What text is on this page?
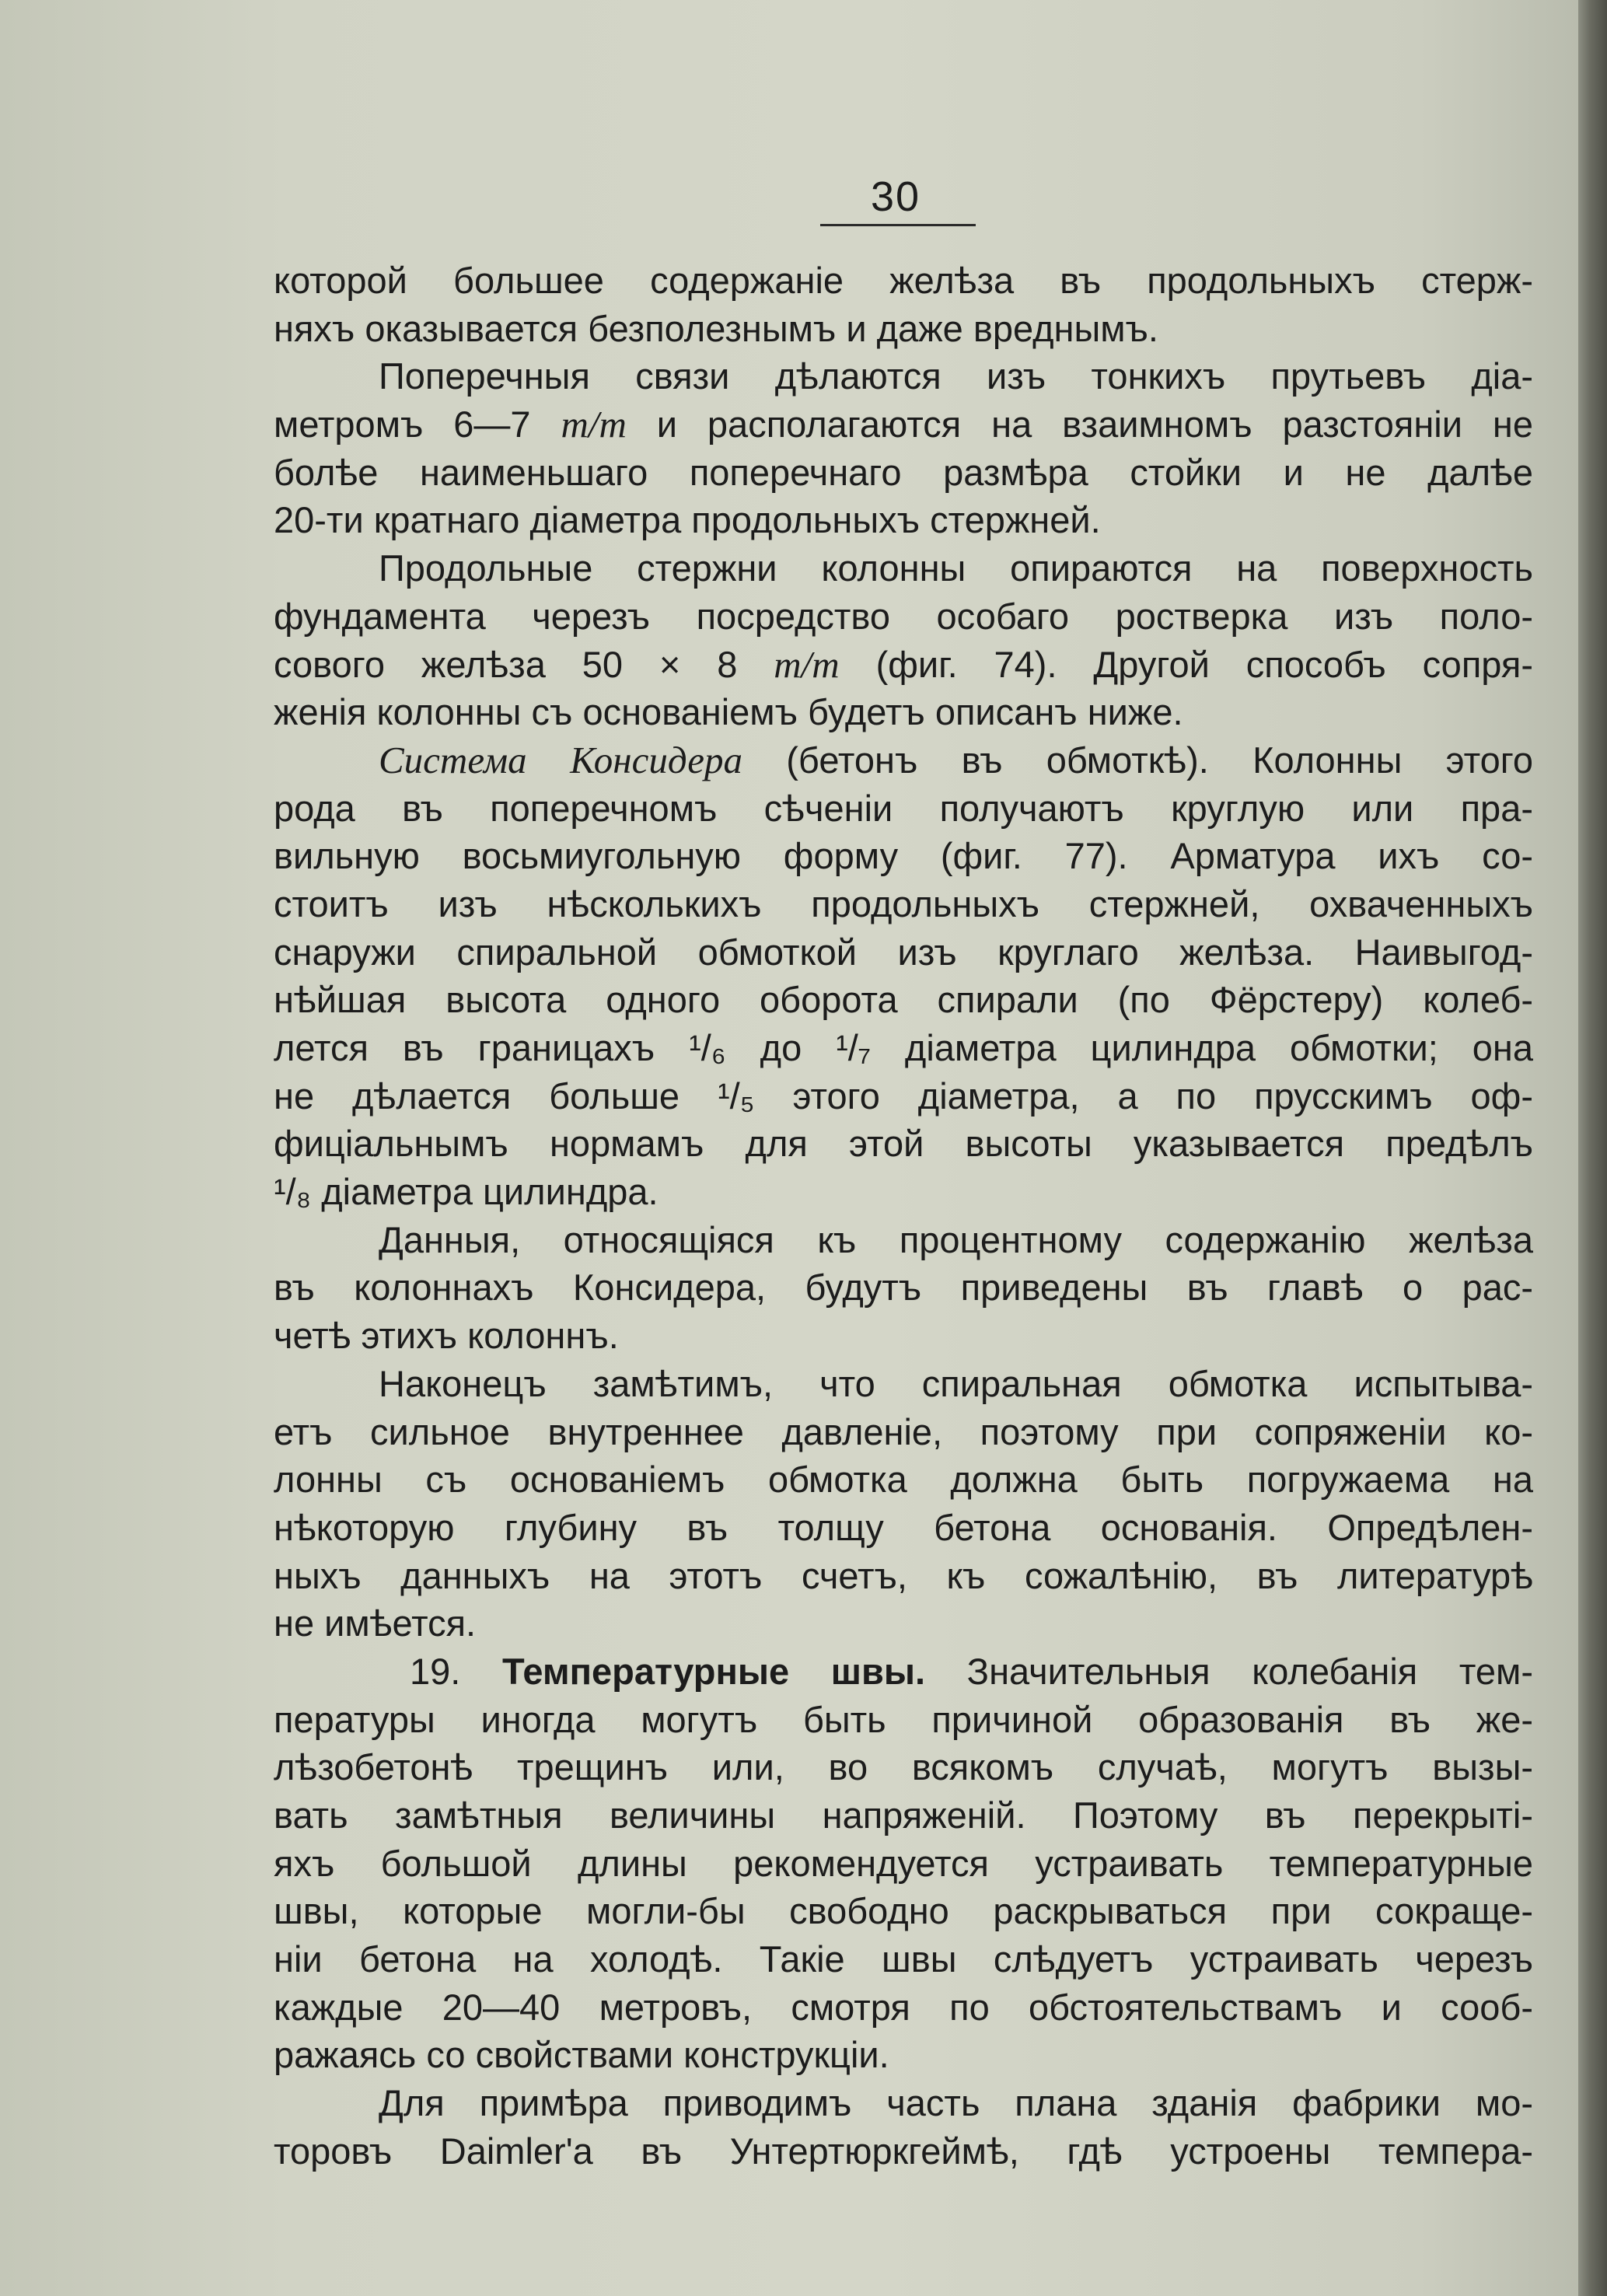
30
которой большее содержаніе желѣза въ продольныхъ стерж-
няхъ оказывается безполезнымъ и даже вреднымъ.
Поперечныя связи дѣлаются изъ тонкихъ прутьевъ діа-
метромъ 6—7 m/m и располагаются на взаимномъ разстояніи не
болѣе наименьшаго поперечнаго размѣра стойки и не далѣе
20-ти кратнаго діаметра продольныхъ стержней.
Продольные стержни колонны опираются на поверхность
фундамента черезъ посредство особаго ростверка изъ поло-
сового желѣза 50 × 8 m/m (фиг. 74). Другой способъ сопря-
женія колонны съ основаніемъ будетъ описанъ ниже.
Система Консидера (бетонъ въ обмоткѣ). Колонны этого
рода въ поперечномъ сѣченіи получаютъ круглую или пра-
вильную восьмиугольную форму (фиг. 77). Арматура ихъ со-
стоитъ изъ нѣсколькихъ продольныхъ стержней, охваченныхъ
снаружи спиральной обмоткой изъ круглаго желѣза. Наивыгод-
нѣйшая высота одного оборота спирали (по Фёрстеру) колеб-
лется въ границахъ ¹/₆ до ¹/₇ діаметра цилиндра обмотки; она
не дѣлается больше ¹/₅ этого діаметра, а по прусскимъ оф-
фиціальнымъ нормамъ для этой высоты указывается предѣлъ
¹/₈ діаметра цилиндра.
Данныя, относящіяся къ процентному содержанію желѣза
въ колоннахъ Консидера, будутъ приведены въ главѣ о рас-
четѣ этихъ колоннъ.
Наконецъ замѣтимъ, что спиральная обмотка испытыва-
етъ сильное внутреннее давленіе, поэтому при сопряженіи ко-
лонны съ основаніемъ обмотка должна быть погружаема на
нѣкоторую глубину въ толщу бетона основанія. Опредѣлен-
ныхъ данныхъ на этотъ счетъ, къ сожалѣнію, въ литературѣ
не имѣется.
19. Температурные швы. Значительныя колебанія тем-
пературы иногда могутъ быть причиной образованія въ же-
лѣзобетонѣ трещинъ или, во всякомъ случаѣ, могутъ вызы-
вать замѣтныя величины напряженій. Поэтому въ перекрыті-
яхъ большой длины рекомендуется устраивать температурные
швы, которые могли-бы свободно раскрываться при сокраще-
ніи бетона на холодѣ. Такіе швы слѣдуетъ устраивать черезъ
каждые 20—40 метровъ, смотря по обстоятельствамъ и сооб-
ражаясь со свойствами конструкціи.
Для примѣра приводимъ часть плана зданія фабрики мо-
торовъ Daimler'а въ Унтертюркгеймѣ, гдѣ устроены темпера-
